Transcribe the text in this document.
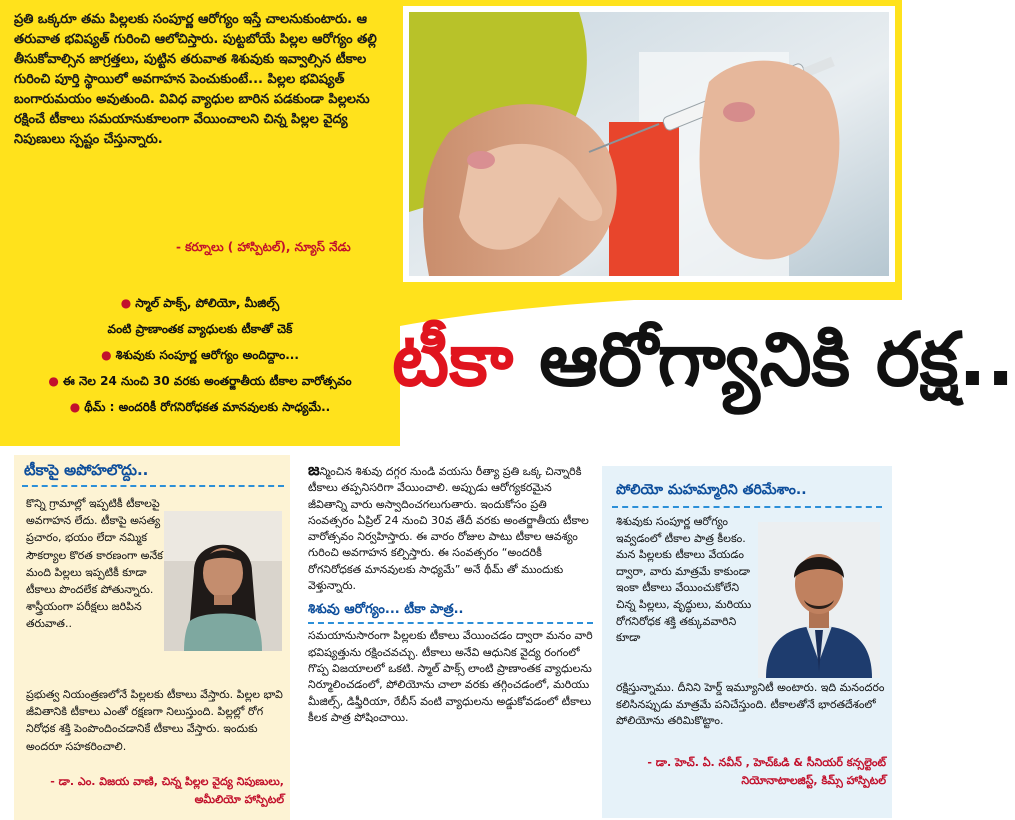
ప్రతి ఒక్కరూ తమ పిల్లలకు సంపూర్ణ ఆరోగ్యం ఇస్తే చాలనుకుంటారు. ఆ తరువాత భవిష్యత్ గురించి ఆలోచిస్తారు. పుట్టబోయే పిల్లల ఆరోగ్యం తల్లి తీసుకోవాల్సిన జాగ్రత్తలు, పుట్టిన తరువాత శిశువుకు ఇవ్వాల్సిన టీకాల గురించి పూర్తి స్థాయిలో అవగాహన పెంచుకుంటే... పిల్లల భవిష్యత్ బంగారుమయం అవుతుంది. వివిధ వ్యాధుల బారిన పడకుండా పిల్లలను రక్షించే టీకాలు సమయానుకూలంగా వేయించాలని చిన్న పిల్లల వైద్య నిపుణులు స్పష్టం చేస్తున్నారు.

- కర్నూలు ( హాస్పిటల్), న్యూస్ నేడు

● స్మాల్ పాక్స్, పోలియో, మీజిల్స్

వంటి ప్రాణాంతక వ్యాధులకు టీకాతో చెక్

● శిశువుకు సంపూర్ణ ఆరోగ్యం అందిద్దాం...

● ఈ నెల 24 నుంచి 30 వరకు అంతర్జాతీయ టీకాల వారోత్సవం

● థీమ్ : అందరికీ రోగనిరోధకత మానవులకు సాధ్యమే..

టీకా ఆరోగ్యానికి రక్ష..
టీకాపై అపోహలొద్దు..

కొన్ని గ్రామాల్లో ఇప్పటికీ టీకాలపై అవగాహన లేదు. టీకాపై అసత్య ప్రచారం, భయం లేదా నమ్మిక సౌకర్యాల కొరత కారణంగా అనేక మంది పిల్లలు ఇప్పటికీ కూడా టీకాలు పొందలేక పోతున్నారు. శాస్త్రీయంగా పరీక్షలు జరిపిన తరువాత..

ప్రభుత్వ నియంత్రణలోనే పిల్లలకు టీకాలు వేస్తారు. పిల్లల భావి జీవితానికి టీకాలు ఎంతో రక్షణగా నిలుస్తుంది. పిల్లల్లో రోగ నిరోధక శక్తి పెంపొందించడానికే టీకాలు వేస్తారు. ఇందుకు అందరూ సహకరించాలి.

- డా. ఎం. విజయ వాణి, చిన్న పిల్లల వైద్య నిపుణులు, అమీలియో హాస్పిటల్

జన్మించిన శిశువు దగ్గర నుండి వయసు రీత్యా ప్రతి ఒక్క చిన్నారికి టీకాలు తప్పనిసరిగా వేయించాలి. అప్పుడు ఆరోగ్యకరమైన జీవితాన్ని వారు అస్వాదించగలుగుతారు. ఇందుకోసం ప్రతి సంవత్సరం ఏప్రిల్ 24 నుంచి 30వ తేదీ వరకు అంతర్జాతీయ టీకాల వారోత్సవం నిర్వహిస్తారు. ఈ వారం రోజుల పాటు టీకాల ఆవశ్యం గురించి అవగాహన కల్పిస్తారు. ఈ సంవత్సరం “అందరికీ రోగనిరోధకత మానవులకు సాధ్యమే” అనే థీమ్ తో ముందుకు వెళ్తున్నారు.

శిశువు ఆరోగ్యం... టీకా పాత్ర..

సమయానుసారంగా పిల్లలకు టీకాలు వేయించడం ద్వారా మనం వారి భవిష్యత్తును రక్షించవచ్చు. టీకాలు అనేవి ఆధునిక వైద్య రంగంలో గొప్ప విజయాలలో ఒకటి. స్మాల్ పాక్స్ లాంటి ప్రాణాంతక వ్యాధులను నిర్మూలించడంలో, పోలియోను చాలా వరకు తగ్గించడంలో, మరియు మీజిల్స్, డిఫ్తీరియా, రేబీస్ వంటి వ్యాధులను అడ్డుకోవడంలో టీకాలు కీలక పాత్ర పోషించాయి.

పోలియో మహమ్మారిని తరిమేశాం..

శిశువుకు సంపూర్ణ ఆరోగ్యం ఇవ్వడంలో టీకాల పాత్ర కీలకం. మన పిల్లలకు టీకాలు వేయడం ద్వారా, వారు మాత్రమే కాకుండా ఇంకా టీకాలు వేయించుకోలేని చిన్న పిల్లలు, వృద్ధులు, మరియు రోగనిరోధక శక్తి తక్కువవారిని కూడా

రక్షిస్తున్నాము. దీనిని హెర్డ్ ఇమ్యూనిటీ అంటారు. ఇది మనందరం కలిసినప్పుడు మాత్రమే పనిచేస్తుంది. టీకాలతోనే భారతదేశంలో పోలియోను తరిమికొట్టాం.

- డా. హెచ్. ఏ. నవీన్ , హెచ్ఓడి & సీనియర్ కన్సల్టెంట్ నియోనాటాలజిస్ట్, కిమ్స్ హాస్పిటల్
